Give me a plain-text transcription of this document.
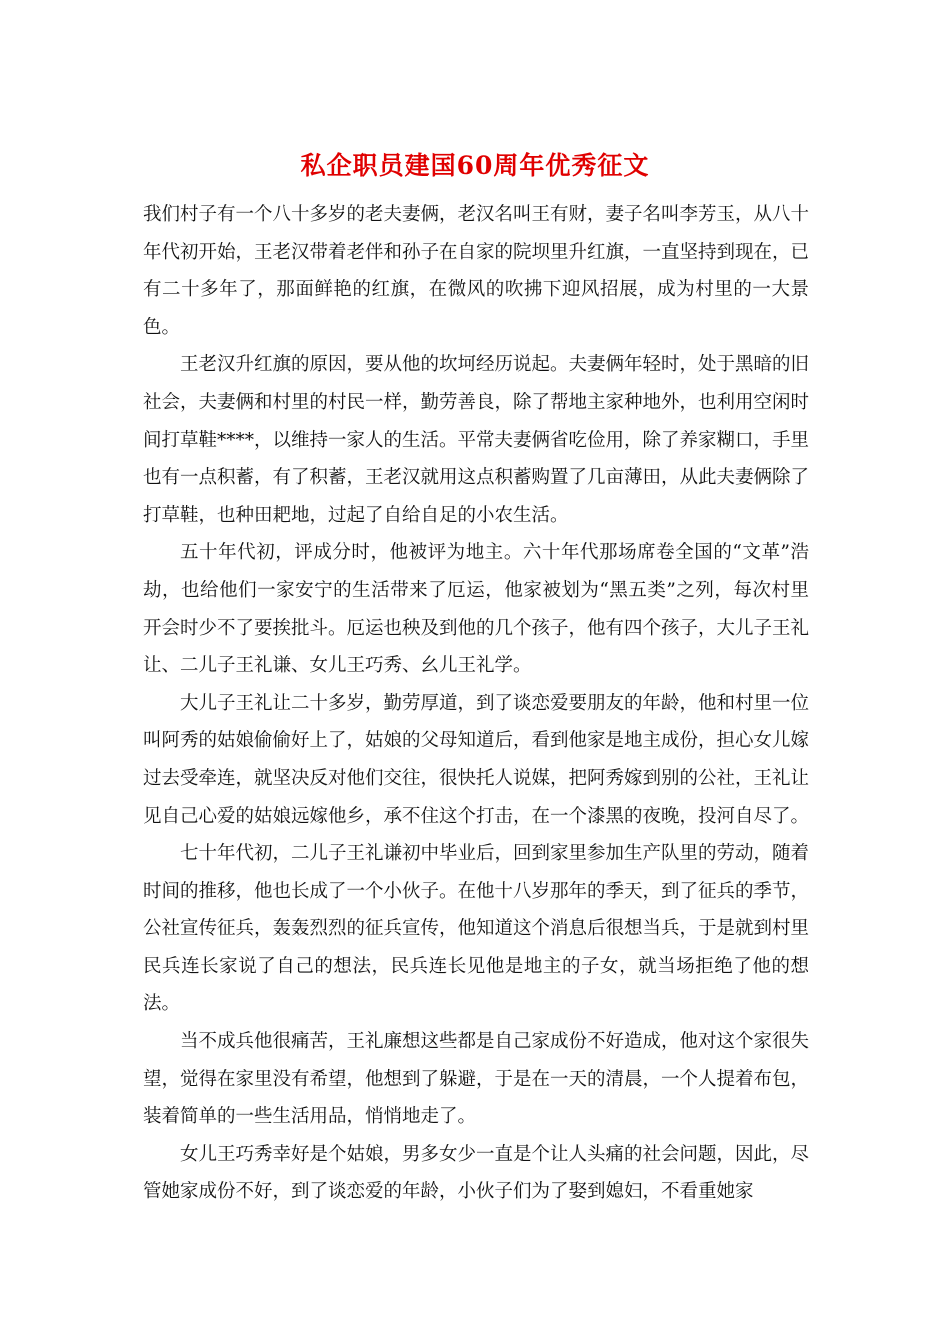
私企职员建国60周年优秀征文

我们村子有一个八十多岁的老夫妻俩，老汉名叫王有财，妻子名叫李芳玉，从八十年代初开始，王老汉带着老伴和孙子在自家的院坝里升红旗，一直坚持到现在，已有二十多年了，那面鲜艳的红旗，在微风的吹拂下迎风招展，成为村里的一大景色。

王老汉升红旗的原因，要从他的坎坷经历说起。夫妻俩年轻时，处于黑暗的旧社会，夫妻俩和村里的村民一样，勤劳善良，除了帮地主家种地外，也利用空闲时间打草鞋****，以维持一家人的生活。平常夫妻俩省吃俭用，除了养家糊口，手里也有一点积蓄，有了积蓄，王老汉就用这点积蓄购置了几亩薄田，从此夫妻俩除了打草鞋，也种田耙地，过起了自给自足的小农生活。

五十年代初，评成分时，他被评为地主。六十年代那场席卷全国的“文革”浩劫，也给他们一家安宁的生活带来了厄运，他家被划为“黑五类”之列，每次村里开会时少不了要挨批斗。厄运也秧及到他的几个孩子，他有四个孩子，大儿子王礼让、二儿子王礼谦、女儿王巧秀、幺儿王礼学。

大儿子王礼让二十多岁，勤劳厚道，到了谈恋爱要朋友的年龄，他和村里一位叫阿秀的姑娘偷偷好上了，姑娘的父母知道后，看到他家是地主成份，担心女儿嫁过去受牵连，就坚决反对他们交往，很快托人说媒，把阿秀嫁到别的公社，王礼让见自己心爱的姑娘远嫁他乡，承不住这个打击，在一个漆黑的夜晚，投河自尽了。

七十年代初，二儿子王礼谦初中毕业后，回到家里参加生产队里的劳动，随着时间的推移，他也长成了一个小伙子。在他十八岁那年的季天，到了征兵的季节，公社宣传征兵，轰轰烈烈的征兵宣传，他知道这个消息后很想当兵，于是就到村里民兵连长家说了自己的想法，民兵连长见他是地主的子女，就当场拒绝了他的想法。

当不成兵他很痛苦，王礼廉想这些都是自己家成份不好造成，他对这个家很失望，觉得在家里没有希望，他想到了躲避，于是在一天的清晨，一个人提着布包，装着简单的一些生活用品，悄悄地走了。

女儿王巧秀幸好是个姑娘，男多女少一直是个让人头痛的社会问题，因此，尽管她家成份不好，到了谈恋爱的年龄，小伙子们为了娶到媳妇，不看重她家
